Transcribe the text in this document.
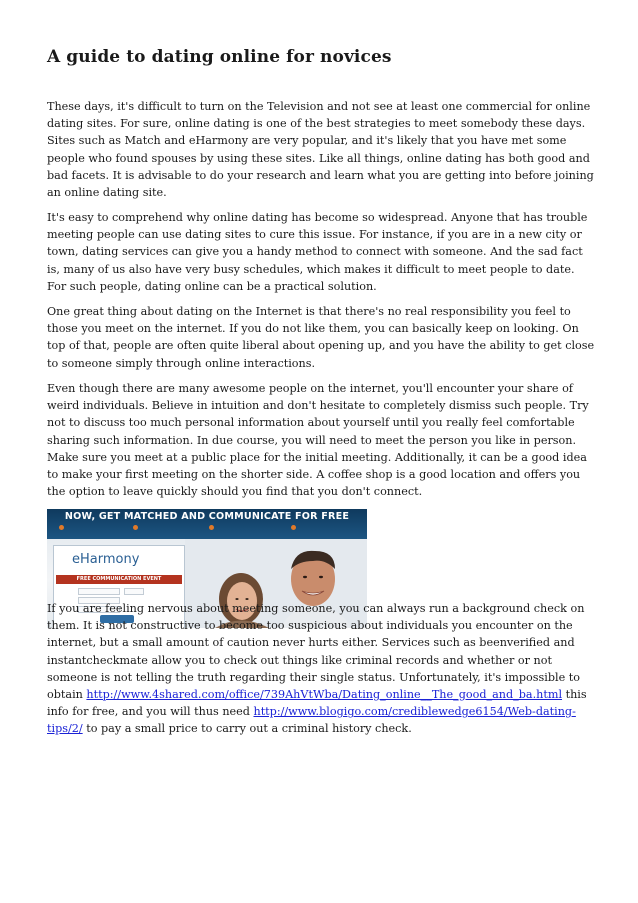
A guide to dating online for novices

These days, it's difficult to turn on the Television and not see at least one commercial for online dating sites. For sure, online dating is one of the best strategies to meet somebody these days. Sites such as Match and eHarmony are very popular, and it's likely that you have met some people who found spouses by using these sites. Like all things, online dating has both good and bad facets. It is advisable to do your research and learn what you are getting into before joining an online dating site.

It's easy to comprehend why online dating has become so widespread. Anyone that has trouble meeting people can use dating sites to cure this issue. For instance, if you are in a new city or town, dating services can give you a handy method to connect with someone. And the sad fact is, many of us also have very busy schedules, which makes it difficult to meet people to date. For such people, dating online can be a practical solution.

One great thing about dating on the Internet is that there's no real responsibility you feel to those you meet on the internet. If you do not like them, you can basically keep on looking. On top of that, people are often quite liberal about opening up, and you have the ability to get close to someone simply through online interactions.

Even though there are many awesome people on the internet, you'll encounter your share of weird individuals. Believe in intuition and don't hesitate to completely dismiss such people. Try not to discuss too much personal information about yourself until you really feel comfortable sharing such information. In due course, you will need to meet the person you like in person. Make sure you meet at a public place for the initial meeting. Additionally, it can be a good idea to make your first meeting on the shorter side. A coffee shop is a good location and offers you the option to leave quickly should you find that you don't connect.

NOW, GET MATCHED AND COMMUNICATE FOR FREE
eHarmony
FREE COMMUNICATION EVENT

If you are feeling nervous about meeting someone, you can always run a background check on them. It is not constructive to become too suspicious about individuals you encounter on the internet, but a small amount of caution never hurts either. Services such as beenverified and instantcheckmate allow you to check out things like criminal records and whether or not someone is not telling the truth regarding their single status. Unfortunately, it's impossible to obtain http://www.4shared.com/office/739AhVtWba/Dating_online__The_good_and_ba.html this info for free, and you will thus need http://www.blogigo.com/crediblewedge6154/Web-dating-tips/2/ to pay a small price to carry out a criminal history check.
